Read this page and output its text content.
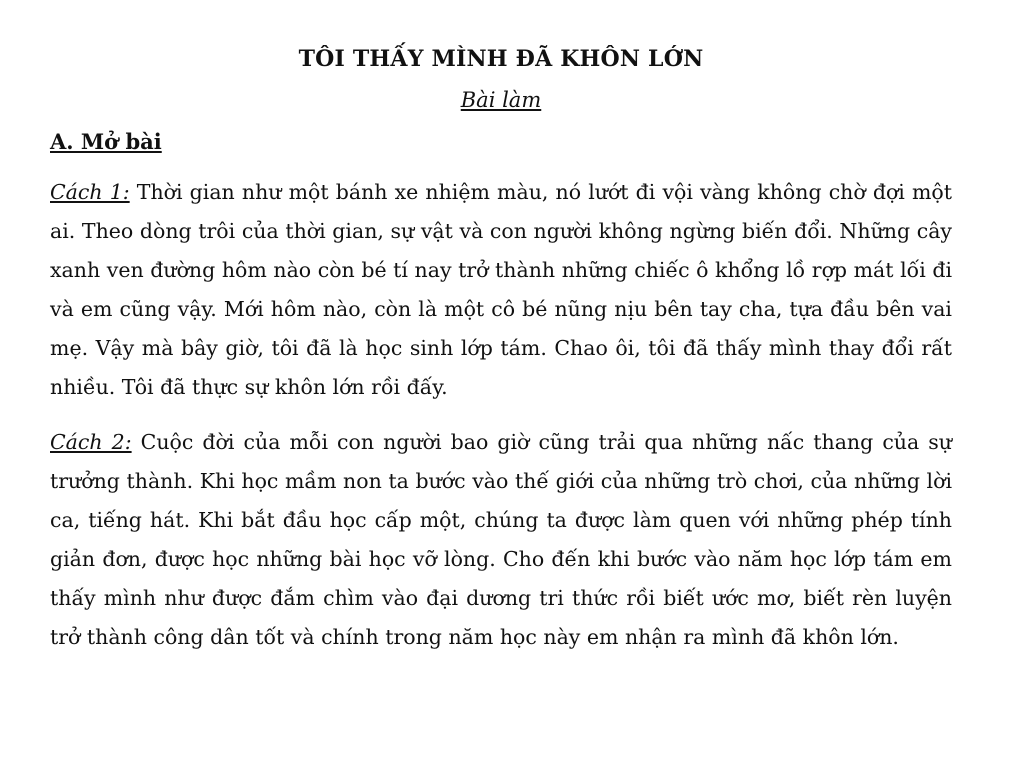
TÔI THẤY MÌNH ĐÃ KHÔN LỚN
Bài làm
A. Mở bài

Cách 1: Thời gian như một bánh xe nhiệm màu, nó lướt đi vội vàng không chờ đợi một ai. Theo dòng trôi của thời gian, sự vật và con người không ngừng biến đổi. Những cây xanh ven đường hôm nào còn bé tí nay trở thành những chiếc ô khổng lồ rợp mát lối đi và em cũng vậy. Mới hôm nào, còn là một cô bé nũng nịu bên tay cha, tựa đầu bên vai mẹ. Vậy mà bây giờ, tôi đã là học sinh lớp tám. Chao ôi, tôi đã thấy mình thay đổi rất nhiều. Tôi đã thực sự khôn lớn rồi đấy.

Cách 2: Cuộc đời của mỗi con người bao giờ cũng trải qua những nấc thang của sự trưởng thành. Khi học mầm non ta bước vào thế giới của những trò chơi, của những lời ca, tiếng hát. Khi bắt đầu học cấp một, chúng ta được làm quen với những phép tính giản đơn, được học những bài học vỡ lòng. Cho đến khi bước vào năm học lớp tám em thấy mình như được đắm chìm vào đại dương tri thức rồi biết ước mơ, biết rèn luyện trở thành công dân tốt và chính trong năm học này em nhận ra mình đã khôn lớn.
